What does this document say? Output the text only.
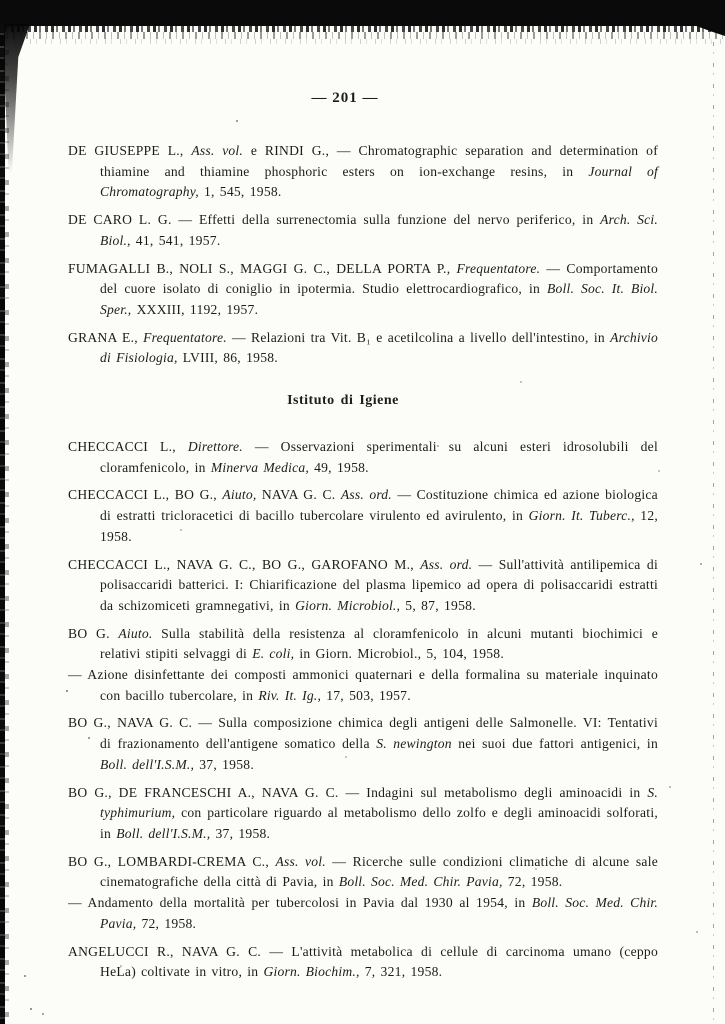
— 201 —

DE GIUSEPPE L., Ass. vol. e RINDI G., — Chromatographic separation and determination of thiamine and thiamine phosphoric esters on ion-exchange resins, in Journal of Chromatography, 1, 545, 1958.

DE CARO L. G. — Effetti della surrenectomia sulla funzione del nervo periferico, in Arch. Sci. Biol., 41, 541, 1957.

FUMAGALLI B., NOLI S., MAGGI G. C., DELLA PORTA P., Frequentatore. — Comportamento del cuore isolato di coniglio in ipotermia. Studio elettrocardiografico, in Boll. Soc. It. Biol. Sper., XXXIII, 1192, 1957.

GRANA E., Frequentatore. — Relazioni tra Vit. B₁ e acetilcolina a livello dell'intestino, in Archivio di Fisiologia, LVIII, 86, 1958.

Istituto di Igiene

CHECCACCI L., Direttore. — Osservazioni sperimentali su alcuni esteri idrosolubili del cloramfenicolo, in Minerva Medica, 49, 1958.

CHECCACCI L., BO G., Aiuto, NAVA G. C. Ass. ord. — Costituzione chimica ed azione biologica di estratti tricloracetici di bacillo tubercolare virulento ed avirulento, in Giorn. It. Tuberc., 12, 1958.

CHECCACCI L., NAVA G. C., BO G., GAROFANO M., Ass. ord. — Sull'attività antilipemica di polisaccaridi batterici. I: Chiarificazione del plasma lipemico ad opera di polisaccaridi estratti da schizomiceti gramnegativi, in Giorn. Microbiol., 5, 87, 1958.

BO G. Aiuto. Sulla stabilità della resistenza al cloramfenicolo in alcuni mutanti biochimici e relativi stipiti selvaggi di E. coli, in Giorn. Microbiol., 5, 104, 1958.

— Azione disinfettante dei composti ammonici quaternari e della formalina su materiale inquinato con bacillo tubercolare, in Riv. It. Ig., 17, 503, 1957.

BO G., NAVA G. C. — Sulla composizione chimica degli antigeni delle Salmonelle. VI: Tentativi di frazionamento dell'antigene somatico della S. newington nei suoi due fattori antigenici, in Boll. dell'I.S.M., 37, 1958.

BO G., DE FRANCESCHI A., NAVA G. C. — Indagini sul metabolismo degli aminoacidi in S. typhimurium, con particolare riguardo al metabolismo dello zolfo e degli aminoacidi solforati, in Boll. dell'I.S.M., 37, 1958.

BO G., LOMBARDI-CREMA C., Ass. vol. — Ricerche sulle condizioni climatiche di alcune sale cinematografiche della città di Pavia, in Boll. Soc. Med. Chir. Pavia, 72, 1958.

— Andamento della mortalità per tubercolosi in Pavia dal 1930 al 1954, in Boll. Soc. Med. Chir. Pavia, 72, 1958.

ANGELUCCI R., NAVA G. C. — L'attività metabolica di cellule di carcinoma umano (ceppo HeLa) coltivate in vitro, in Giorn. Biochim., 7, 321, 1958.
